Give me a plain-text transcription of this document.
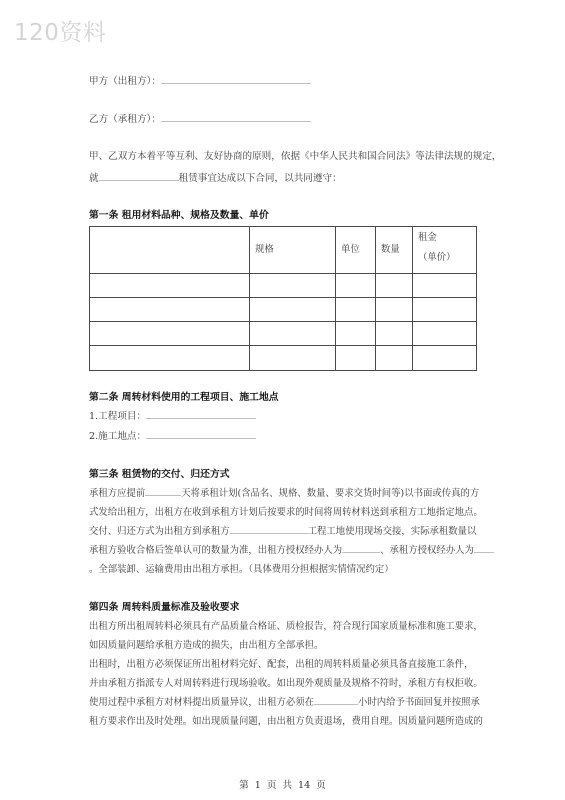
120资料
甲方（出租方）：
乙方（承租方）：
甲、乙双方本着平等互利、友好协商的原则，依据《中华人民共和国合同法》等法律法规的规定，
就	租赁事宜达成以下合同，以共同遵守：
第一条 租用材料品种、规格及数量、单价
	规格	单位	数量	租金
（单价）

第二条 周转材料使用的工程项目、施工地点
1.工程项目：
2.施工地点：
第三条 租赁物的交付、归还方式
承租方应提前	天将承租计划(含品名、规格、数量、要求交货时间等)以书面或传真的方
式发给出租方，出租方在收到承租方计划后按要求的时间将周转材料送到承租方工地指定地点。
交付、归还方式为出租方到承租方	工程工地使用现场交接，实际承租数量以
承租方验收合格后签单认可的数量为准，出租方授权经办人为	、承租方授权经办人为
。全部装卸、运输费用由出租方承担。（具体费用分担根据实情情况约定）
第四条 周转料质量标准及验收要求
出租方所出租周转料必须具有产品质量合格证、质检报告，符合现行国家质量标准和施工要求，
如因质量问题给承租方造成的损失，由出租方全部承担。
出租时，出租方必须保证所出租材料完好、配套，出租的周转料质量必须具备直接施工条件，
并由承租方指派专人对周转料进行现场验收。如出现外观质量及规格不符时，承租方有权拒收。
使用过程中承租方对材料提出质量异议，出租方必须在	小时内给予书面回复并按照承
租方要求作出及时处理。如出现质量问题，由出租方负责退场，费用自理。因质量问题所造成的
第 1 页 共 14 页
